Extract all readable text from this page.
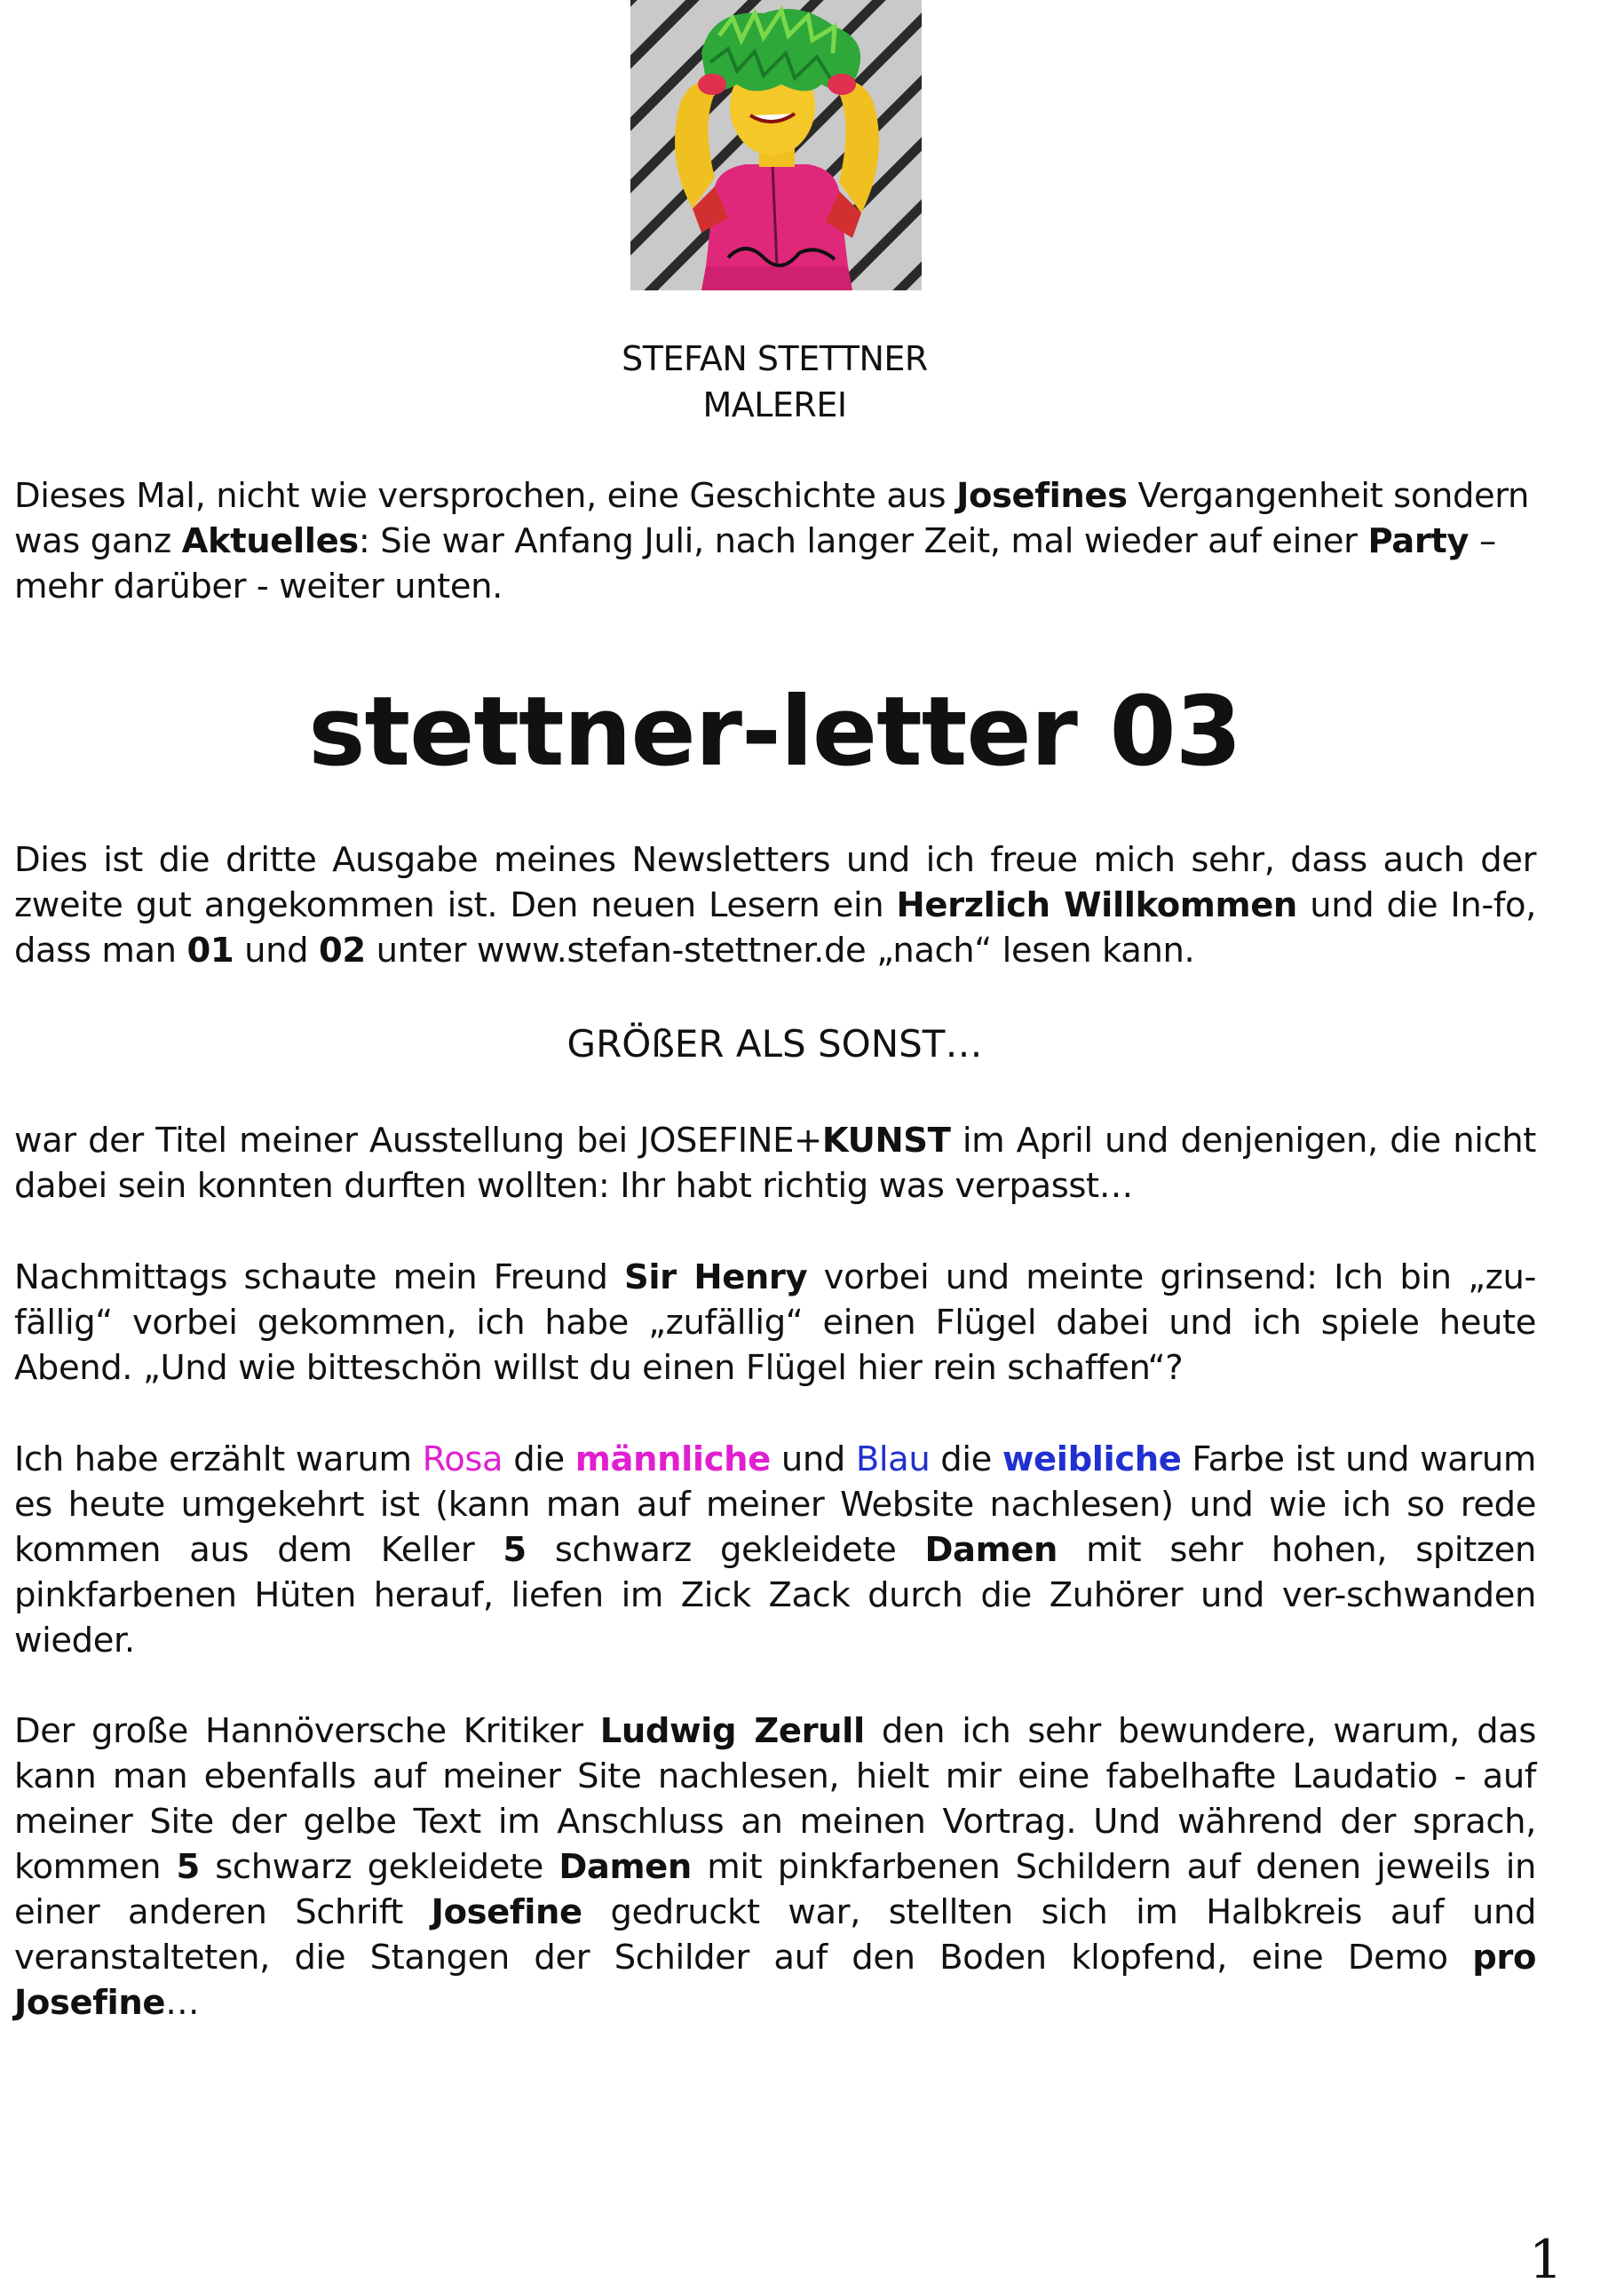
STEFAN STETTNER
MALEREI
Dieses Mal, nicht wie versprochen, eine Geschichte aus Josefines Vergangenheit sondern was ganz Aktuelles: Sie war Anfang Juli, nach langer Zeit, mal wieder auf einer Party – mehr darüber - weiter unten.
stettner-letter 03
Dies ist die dritte Ausgabe meines Newsletters und ich freue mich sehr, dass auch der zweite gut angekommen ist. Den neuen Lesern ein Herzlich Willkommen und die In-fo, dass man 01 und 02 unter www.stefan-stettner.de „nach“ lesen kann.
GRÖßER ALS SONST…
war der Titel meiner Ausstellung bei JOSEFINE+KUNST im April und denjenigen, die nicht dabei sein konnten durften wollten: Ihr habt richtig was verpasst…
Nachmittags schaute mein Freund Sir Henry vorbei und meinte grinsend: Ich bin „zu-fällig“ vorbei gekommen, ich habe „zufällig“ einen Flügel dabei und ich spiele heute Abend. „Und wie bitteschön willst du einen Flügel hier rein schaffen“?
Ich habe erzählt warum Rosa die männliche und Blau die weibliche Farbe ist und warum es heute umgekehrt ist (kann man auf meiner Website nachlesen) und wie ich so rede kommen aus dem Keller 5 schwarz gekleidete Damen mit sehr hohen, spitzen pinkfarbenen Hüten herauf, liefen im Zick Zack durch die Zuhörer und ver-schwanden wieder.
Der große Hannöversche Kritiker Ludwig Zerull den ich sehr bewundere, warum, das kann man ebenfalls auf meiner Site nachlesen, hielt mir eine fabelhafte Laudatio - auf meiner Site der gelbe Text im Anschluss an meinen Vortrag. Und während der sprach, kommen 5 schwarz gekleidete Damen mit pinkfarbenen Schildern auf denen jeweils in einer anderen Schrift Josefine gedruckt war, stellten sich im Halbkreis auf und veranstalteten, die Stangen der Schilder auf den Boden klopfend, eine Demo pro Josefine…
1
